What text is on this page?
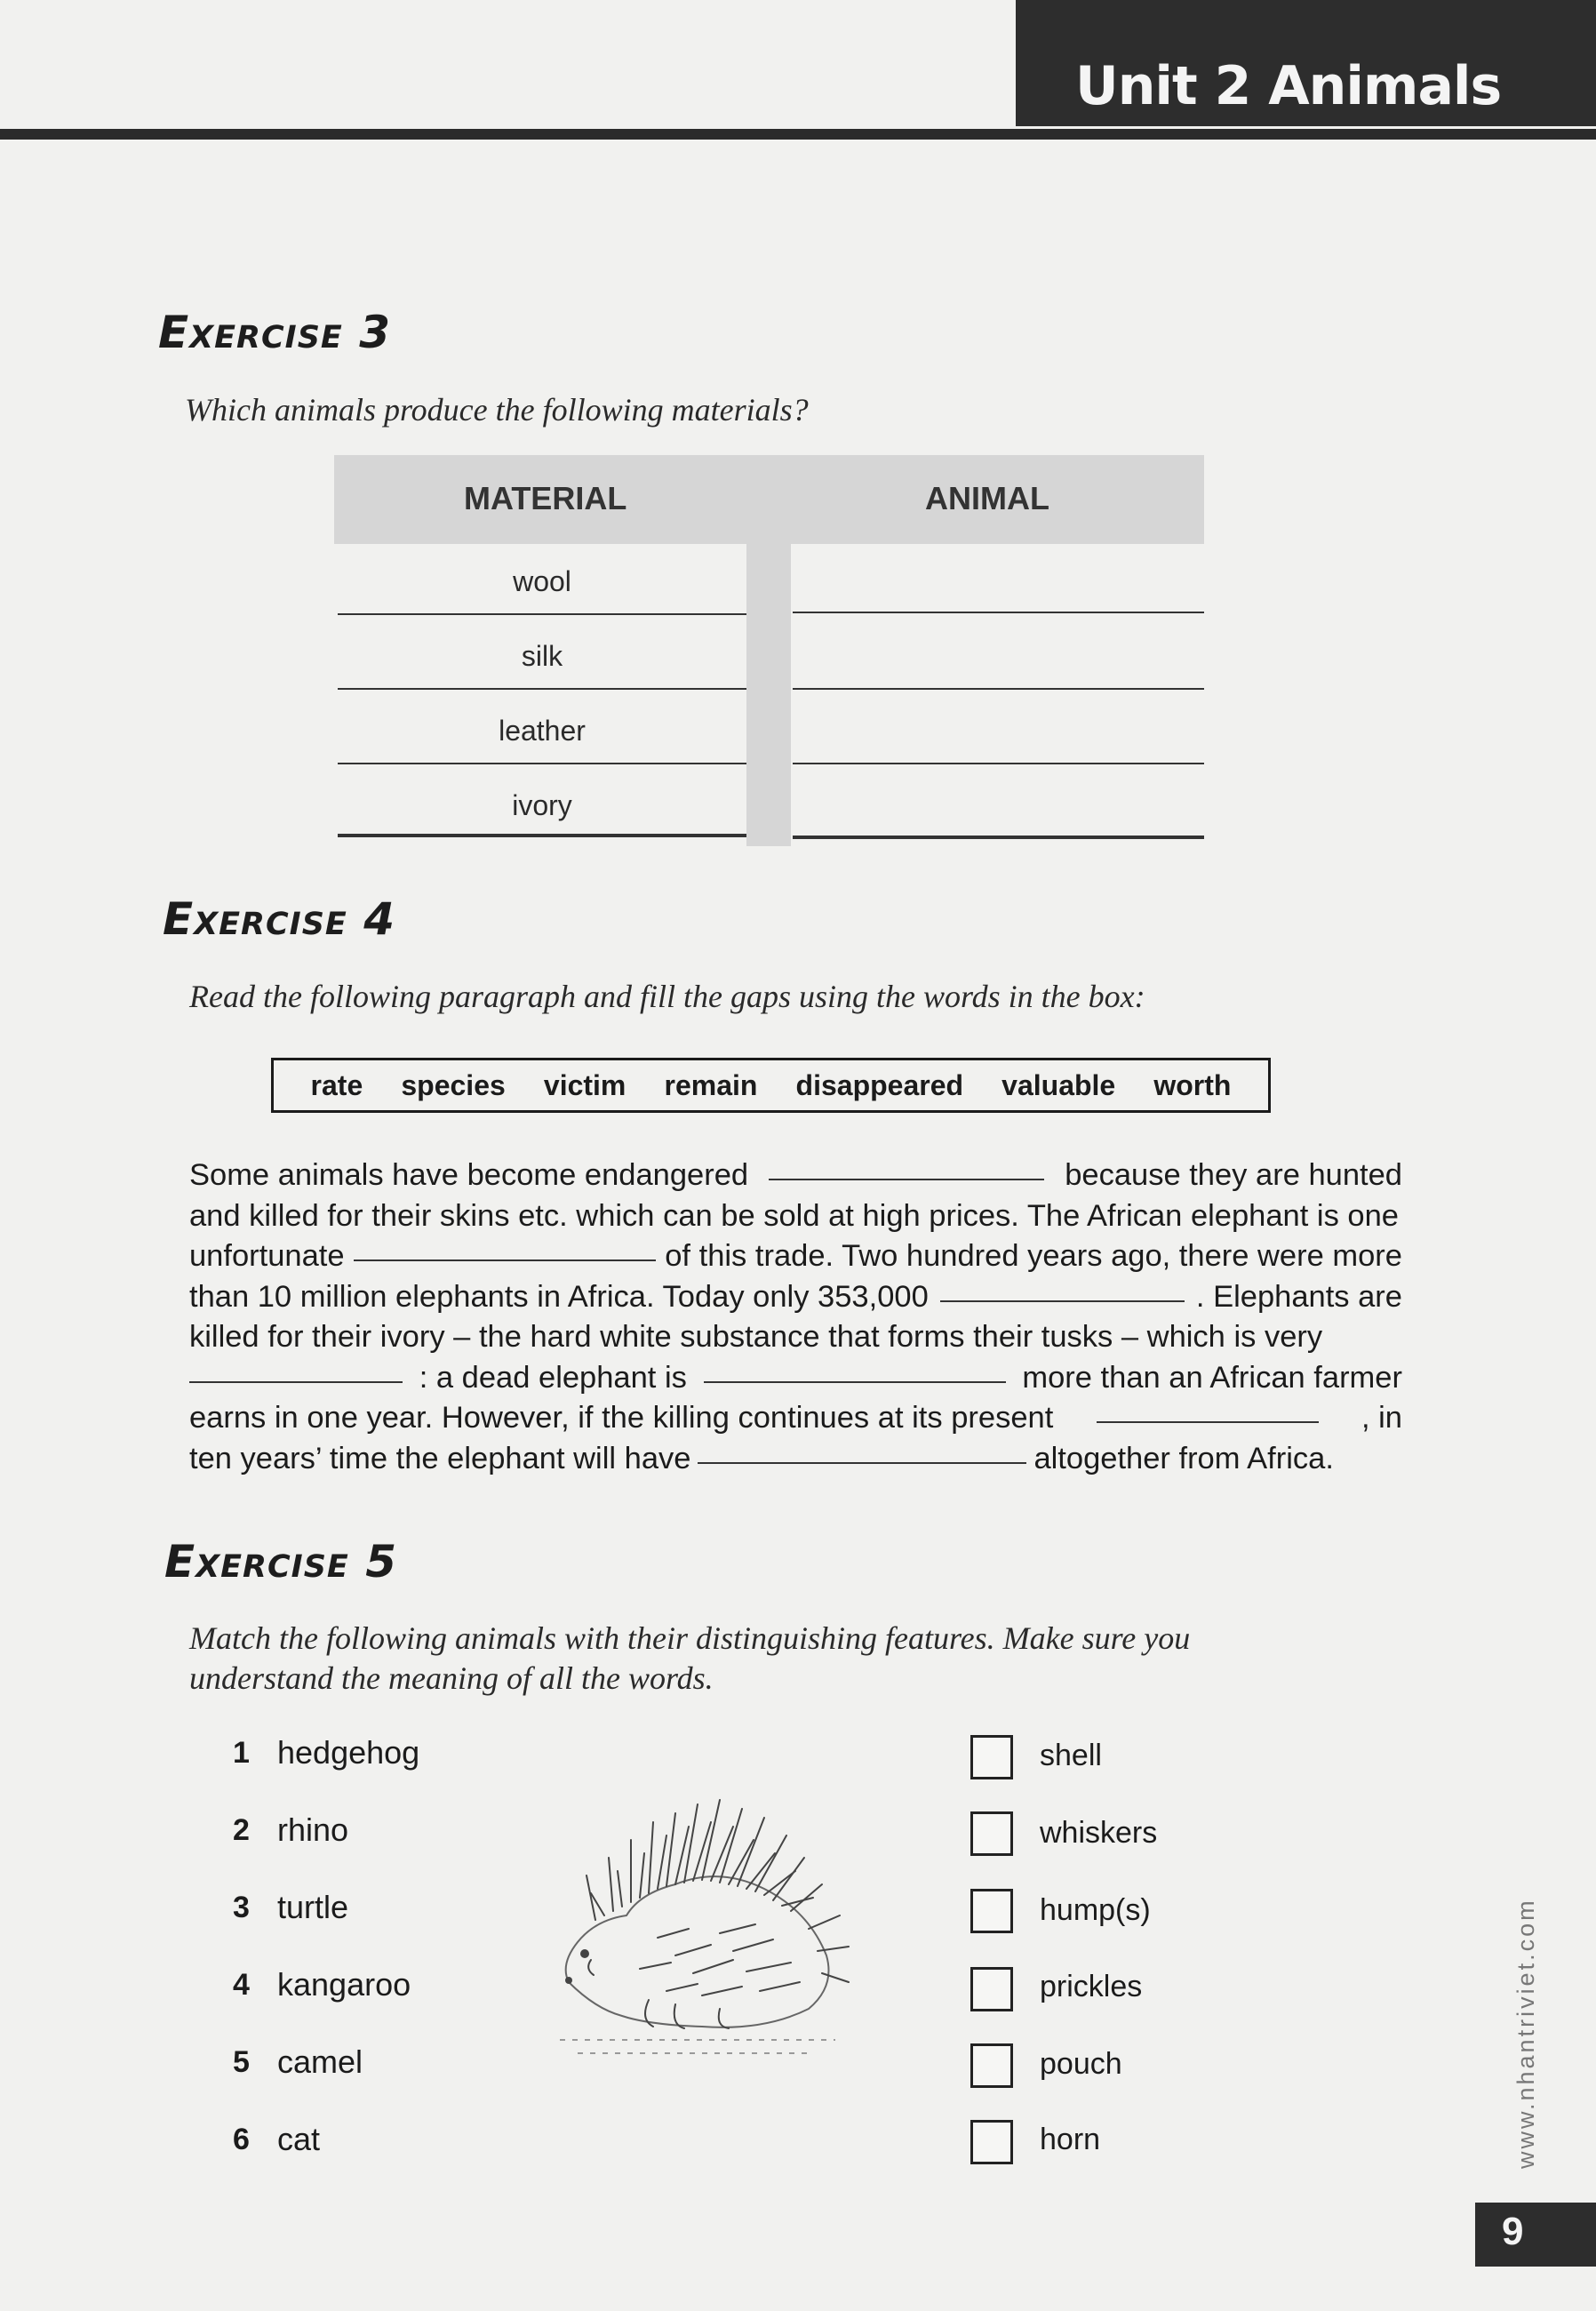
Unit 2 Animals
Exercise 3
Which animals produce the following materials?
MATERIAL	ANIMAL
wool
silk
leather
ivory
Exercise 4
Read the following paragraph and fill the gaps using the words in the box:
rate species victim remain disappeared valuable worth
Some animals have become endangered	because they are hunted
and killed for their skins etc. which can be sold at high prices. The African elephant is one
unfortunate	of this trade. Two hundred years ago, there were more
than 10 million elephants in Africa. Today only 353,000	. Elephants are
killed for their ivory – the hard white substance that forms their tusks – which is very
: a dead elephant is	more than an African farmer
earns in one year. However, if the killing continues at its present	, in
ten years’ time the elephant will have	altogether from Africa.
Exercise 5
Match the following animals with their distinguishing features. Make sure you
understand the meaning of all the words.
1 hedgehog
2 rhino
3 turtle
4 kangaroo
5 camel
6 cat
shell
whiskers
hump(s)
prickles
pouch
horn	www.nhantriviet.com
9
